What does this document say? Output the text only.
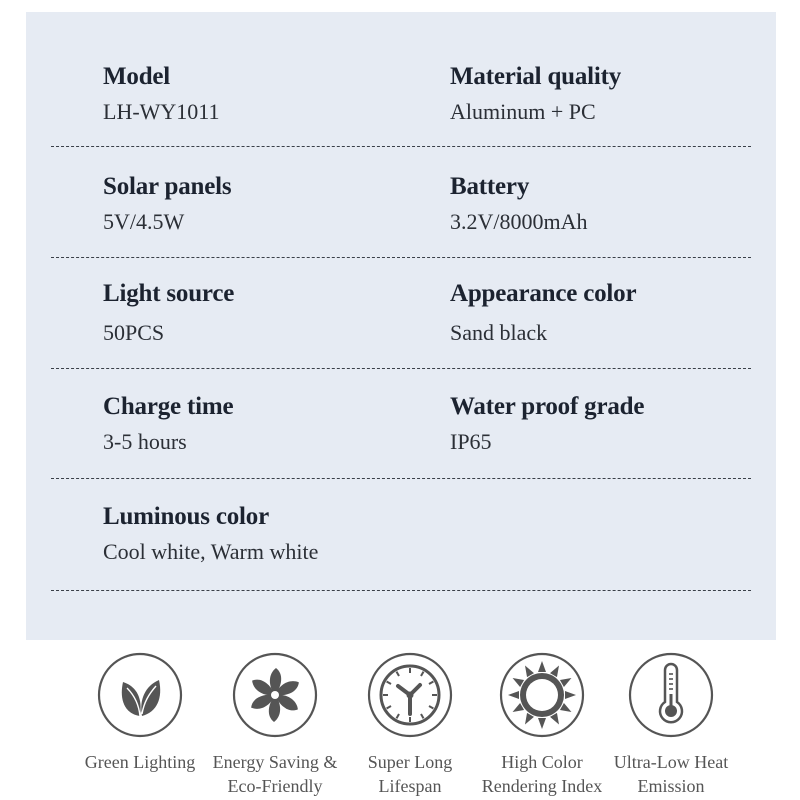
Model
LH-WY1011
Material quality
Aluminum + PC
Solar panels
5V/4.5W
Battery
3.2V/8000mAh
Light source
50PCS
Appearance color
Sand black
Charge time
3-5 hours
Water proof grade
IP65
Luminous color
Cool white, Warm white
Green Lighting Energy Saving &
Eco-Friendly
Super Long
Lifespan
High Color
Rendering Index
Ultra-Low Heat
Emission
